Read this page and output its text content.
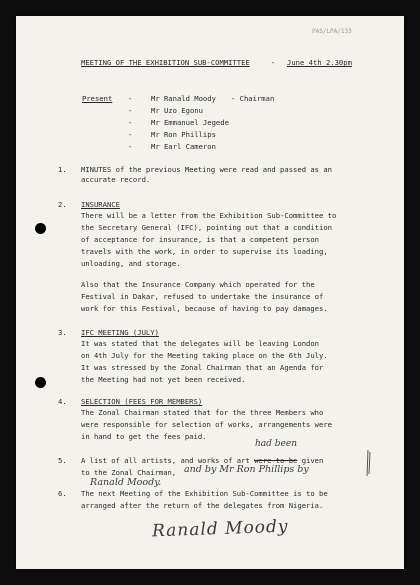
PAS/LPA/133
MEETING OF THE EXHIBITION SUB-COMMITTEE	- June 4th 2.30pm
Present -	Mr Ranald Moody - Chairman
-	Mr Uzo Egonu
-	Mr Emmanuel Jegede
-	Mr Ron Phillips
-	Mr Earl Cameron
1. MINUTES of the previous Meeting were read and passed as an
accurate record.
2. INSURANCE
There will be a letter from the Exhibition Sub-Committee to
the Secretary General (IFC), pointing out that a condition
of acceptance for insurance, is that a competent person
travels with the work, in order to supervise its loading,
unloading, and storage.
Also that the Insurance Company which operated for the
Festival in Dakar, refused to undertake the insurance of
work for this Festival, because of having to pay damages.
3. IFC MEETING (JULY)
It was stated that the delegates will be leaving London
on 4th July for the Meeting taking place on the 6th July.
It was stressed by the Zonal Chairman that an Agenda for
the Meeting had not yet been received.
4. SELECTION (FEES FOR MEMBERS)
The Zonal Chairman stated that for the three Members who
were responsible for selection of works, arrangements were
in hand to get the fees paid.
had been
5. A list of all artists, and works of art were to be given
to the Zonal Chairman, and by Mr Ron Phillips by
Ranald Moody.
6. The next Meeting of the Exhibition Sub-Committee is to be
arranged after the return of the delegates from Nigeria.
Ranald Moody
